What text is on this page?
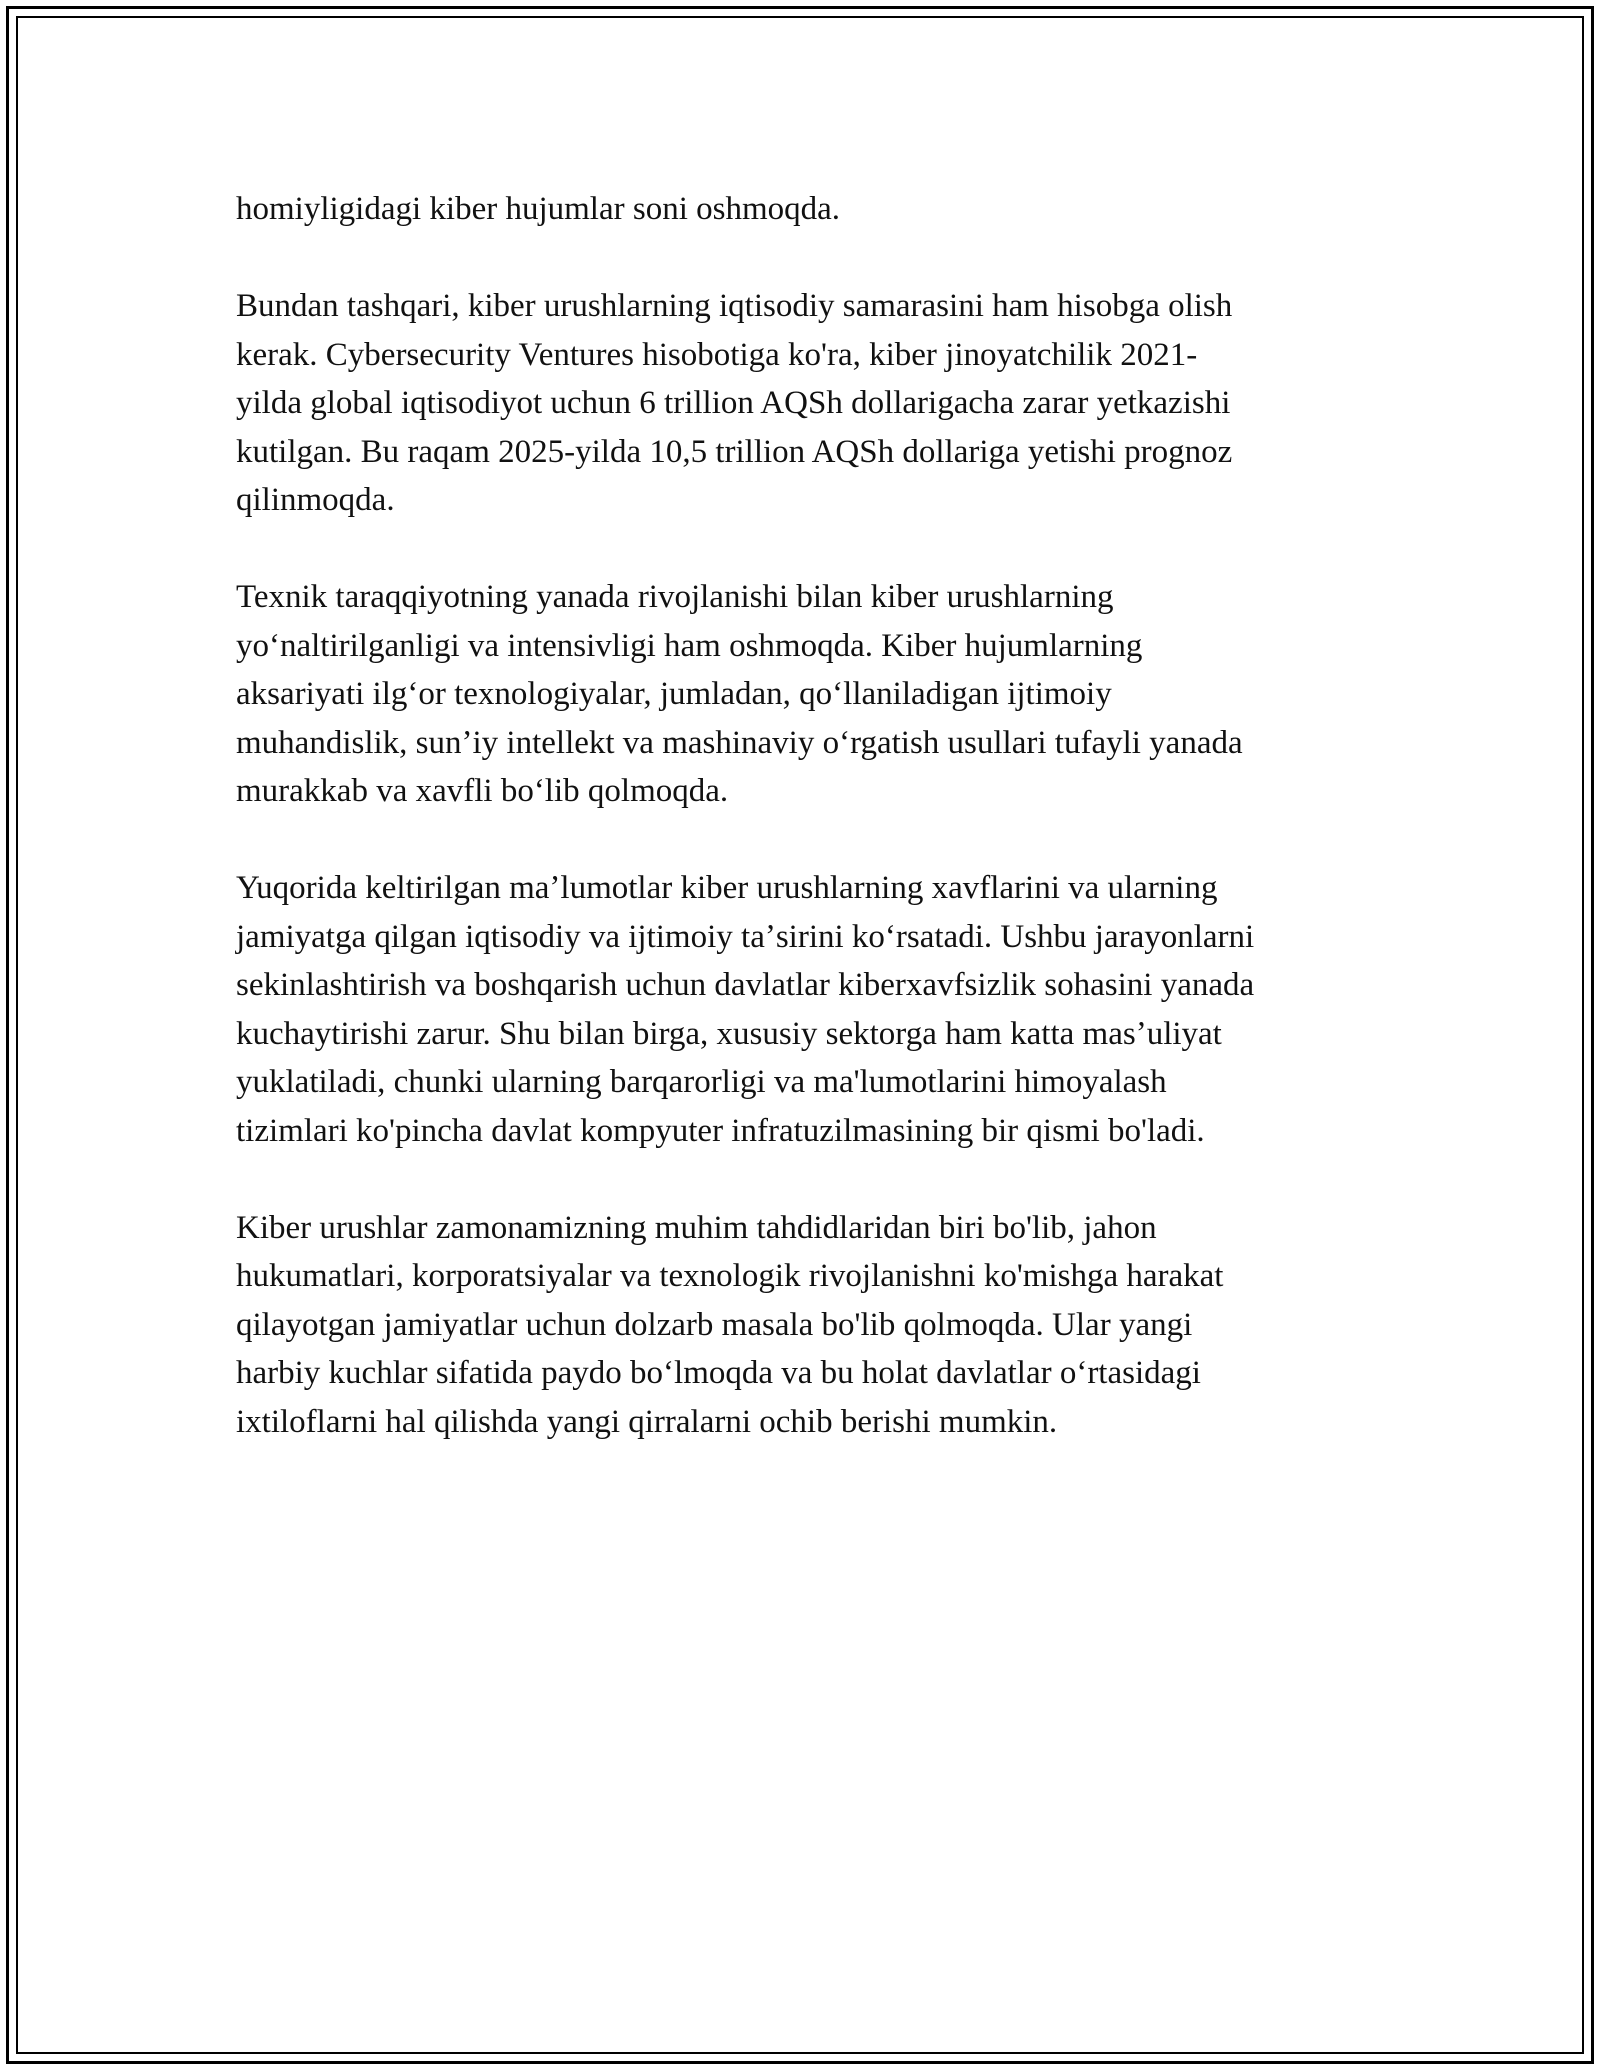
homiyligidagi kiber hujumlar soni oshmoqda.

Bundan tashqari, kiber urushlarning iqtisodiy samarasini ham hisobga olish
kerak. Cybersecurity Ventures hisobotiga ko'ra, kiber jinoyatchilik 2021-
yilda global iqtisodiyot uchun 6 trillion AQSh dollarigacha zarar yetkazishi
kutilgan. Bu raqam 2025-yilda 10,5 trillion AQSh dollariga yetishi prognoz
qilinmoqda.

Texnik taraqqiyotning yanada rivojlanishi bilan kiber urushlarning
yoʻnaltirilganligi va intensivligi ham oshmoqda. Kiber hujumlarning
aksariyati ilgʻor texnologiyalar, jumladan, qoʻllaniladigan ijtimoiy
muhandislik, sunʼiy intellekt va mashinaviy oʻrgatish usullari tufayli yanada
murakkab va xavfli boʻlib qolmoqda.

Yuqorida keltirilgan maʼlumotlar kiber urushlarning xavflarini va ularning
jamiyatga qilgan iqtisodiy va ijtimoiy taʼsirini koʻrsatadi. Ushbu jarayonlarni
sekinlashtirish va boshqarish uchun davlatlar kiberxavfsizlik sohasini yanada
kuchaytirishi zarur. Shu bilan birga, xususiy sektorga ham katta masʼuliyat
yuklatiladi, chunki ularning barqarorligi va ma'lumotlarini himoyalash
tizimlari ko'pincha davlat kompyuter infratuzilmasining bir qismi bo'ladi.

Kiber urushlar zamonamizning muhim tahdidlaridan biri bo'lib, jahon
hukumatlari, korporatsiyalar va texnologik rivojlanishni ko'mishga harakat
qilayotgan jamiyatlar uchun dolzarb masala bo'lib qolmoqda. Ular yangi
harbiy kuchlar sifatida paydo boʻlmoqda va bu holat davlatlar oʻrtasidagi
ixtiloflarni hal qilishda yangi qirralarni ochib berishi mumkin.
